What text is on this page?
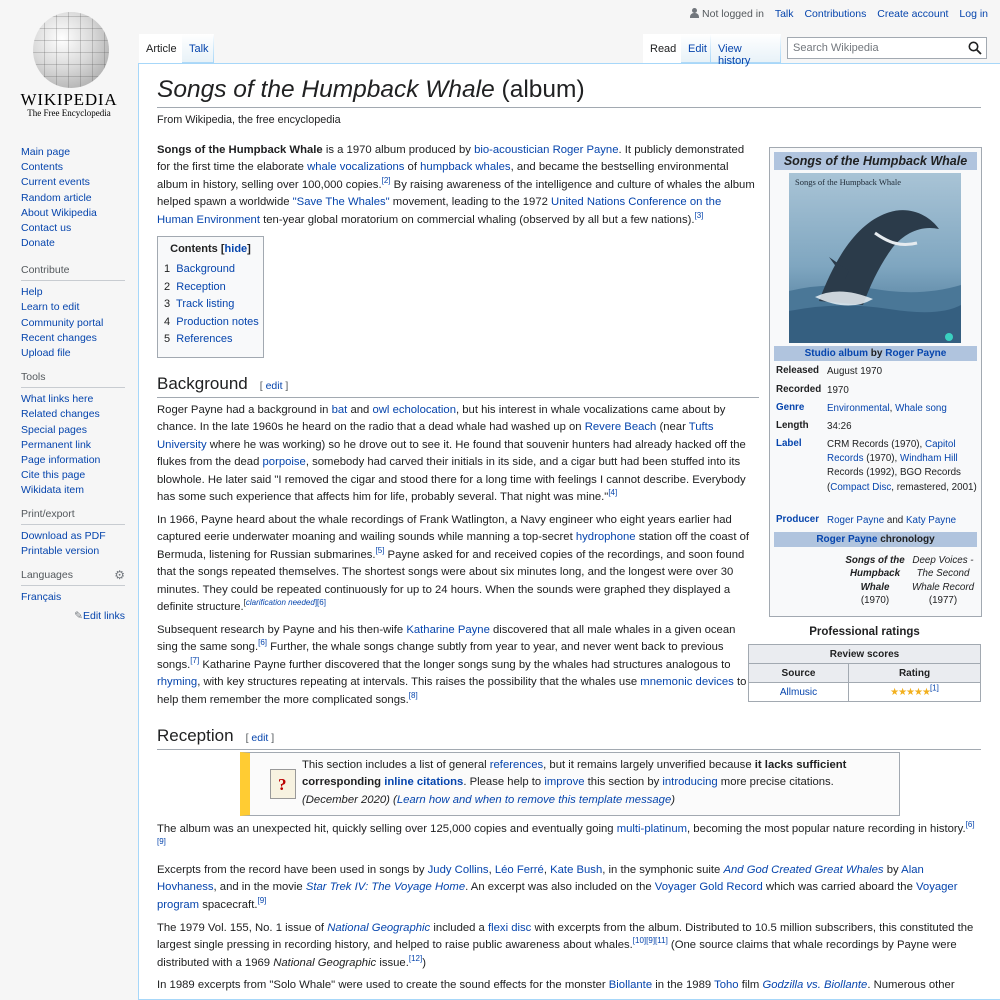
WIKIPEDIA
The Free Encyclopedia
Main page
Contents
Current events
Random article
About Wikipedia
Contact us
Donate
Contribute
Help
Learn to edit
Community portal
Recent changes
Upload file
Tools
What links here
Related changes
Special pages
Permanent link
Page information
Cite this page
Wikidata item
Print/export
Download as PDF
Printable version
Languages	⚙
Français
✎Edit links
Not logged in Talk Contributions Create account Log in
Article	Talk	Read	Edit	View history
Search Wikipedia
Songs of the Humpback Whale (album)
From Wikipedia, the free encyclopedia
Songs of the Humpback Whale is a 1970 album produced by bio-acoustician Roger Payne. It publicly demonstrated for the first time the elaborate whale vocalizations of humpback whales, and became the bestselling environmental album in history, selling over 100,000 copies.[2] By raising awareness of the intelligence and culture of whales the album helped spawn a worldwide "Save The Whales" movement, leading to the 1972 United Nations Conference on the Human Environment ten-year global moratorium on commercial whaling (observed by all but a few nations).[3]
Contents [hide]
1 Background
2 Reception
3 Track listing
4 Production notes
5 References
Background [ edit ]
Roger Payne had a background in bat and owl echolocation, but his interest in whale vocalizations came about by chance. In the late 1960s he heard on the radio that a dead whale had washed up on Revere Beach (near Tufts University where he was working) so he drove out to see it. He found that souvenir hunters had already hacked off the flukes from the dead porpoise, somebody had carved their initials in its side, and a cigar butt had been stuffed into its blowhole. He later said "I removed the cigar and stood there for a long time with feelings I cannot describe. Everybody has some such experience that affects him for life, probably several. That night was mine."[4]
In 1966, Payne heard about the whale recordings of Frank Watlington, a Navy engineer who eight years earlier had captured eerie underwater moaning and wailing sounds while manning a top-secret hydrophone station off the coast of Bermuda, listening for Russian submarines.[5] Payne asked for and received copies of the recordings, and soon found that the songs repeated themselves. The shortest songs were about six minutes long, and the longest were over 30 minutes. They could be repeated continuously for up to 24 hours. When the sounds were graphed they displayed a definite structure.[clarification needed][6]
Subsequent research by Payne and his then-wife Katharine Payne discovered that all male whales in a given ocean sing the same song.[6] Further, the whale songs change subtly from year to year, and never went back to previous songs.[7] Katharine Payne further discovered that the longer songs sung by the whales had structures analogous to rhyming, with key structures repeating at intervals. This raises the possibility that the whales use mnemonic devices to help them remember the more complicated songs.[8]
Songs of the Humpback Whale
Songs of the Humpback Whale
Studio album by Roger Payne
Released August 1970
Recorded 1970
Genre	Environmental, Whale song
Length	34:26
Label	CRM Records (1970), Capitol Records (1970), Windham Hill Records (1992), BGO Records (Compact Disc, remastered, 2001)
Producer Roger Payne and Katy Payne
Roger Payne chronology
Songs of the Humpback Whale
(1970)
Deep Voices - The Second Whale Record
(1977)
Professional ratings
Review scores	
Source	Rating
Allmusic	★★★★★[1]
Reception [ edit ]
?
This section includes a list of general references, but it remains largely unverified because it lacks sufficient corresponding inline citations. Please help to improve this section by introducing more precise citations.
(December 2020) (Learn how and when to remove this template message)
The album was an unexpected hit, quickly selling over 125,000 copies and eventually going multi-platinum, becoming the most popular nature recording in history.[6][9]
Excerpts from the record have been used in songs by Judy Collins, Léo Ferré, Kate Bush, in the symphonic suite And God Created Great Whales by Alan Hovhaness, and in the movie Star Trek IV: The Voyage Home. An excerpt was also included on the Voyager Gold Record which was carried aboard the Voyager program spacecraft.[9]
The 1979 Vol. 155, No. 1 issue of National Geographic included a flexi disc with excerpts from the album. Distributed to 10.5 million subscribers, this constituted the largest single pressing in recording history, and helped to raise public awareness about whales.[10][9][11] (One source claims that whale recordings by Payne were distributed with a 1969 National Geographic issue.[12])
In 1989 excerpts from "Solo Whale" were used to create the sound effects for the monster Biollante in the 1989 Toho film Godzilla vs. Biollante. Numerous other
